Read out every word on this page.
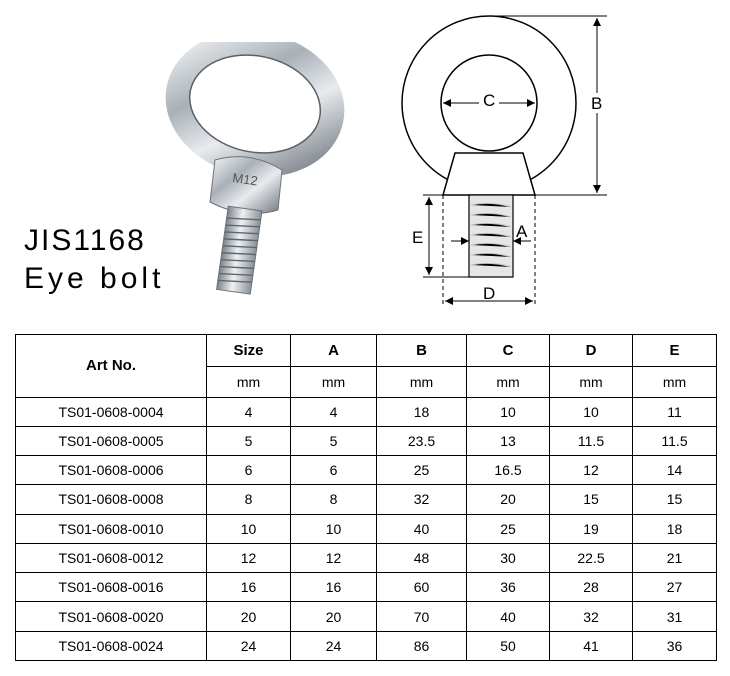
M12
JIS1168
Eye bolt	D
C	B
E	A
Art No.	Size	A	B	C	D	E
	mm	mm	mm	mm	mm	mm
TS01-0608-0004	4	4	18	10	10	11
TS01-0608-0005	5	5	23.5	13	11.5	11.5
TS01-0608-0006	6	6	25	16.5	12	14
TS01-0608-0008	8	8	32	20	15	15
TS01-0608-0010	10	10	40	25	19	18
TS01-0608-0012	12	12	48	30	22.5	21
TS01-0608-0016	16	16	60	36	28	27
TS01-0608-0020	20	20	70	40	32	31
TS01-0608-0024	24	24	86	50	41	36
